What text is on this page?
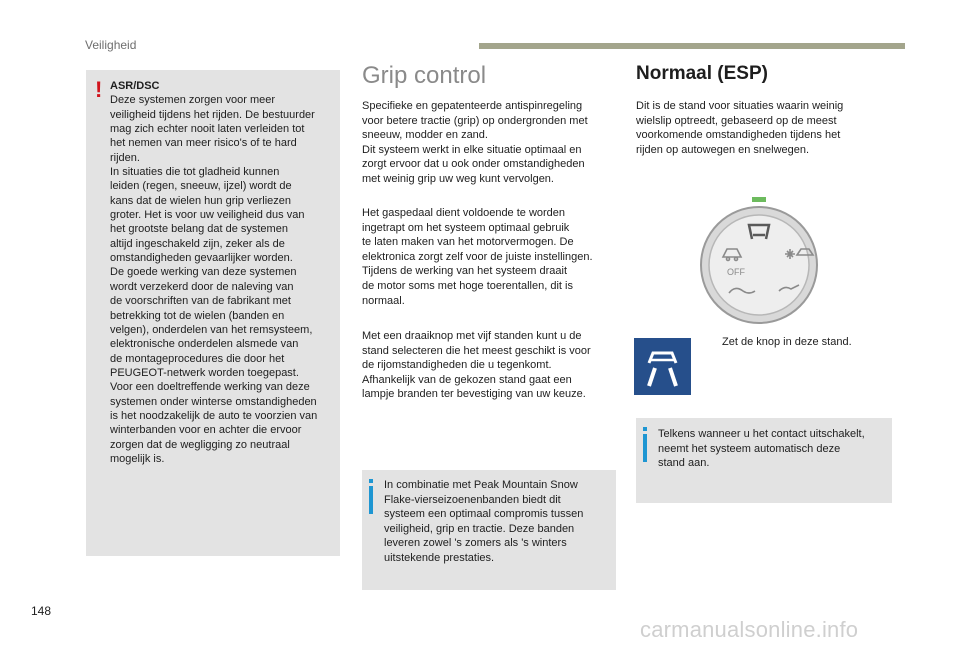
Veiligheid
! ASR/DSC

Deze systemen zorgen voor meer
veiligheid tijdens het rijden. De bestuurder
mag zich echter nooit laten verleiden tot
het nemen van meer risico's of te hard
rijden.
In situaties die tot gladheid kunnen
leiden (regen, sneeuw, ijzel) wordt de
kans dat de wielen hun grip verliezen
groter. Het is voor uw veiligheid dus van
het grootste belang dat de systemen
altijd ingeschakeld zijn, zeker als de
omstandigheden gevaarlijker worden.
De goede werking van deze systemen
wordt verzekerd door de naleving van
de voorschriften van de fabrikant met
betrekking tot de wielen (banden en
velgen), onderdelen van het remsysteem,
elektronische onderdelen alsmede van
de montageprocedures die door het
PEUGEOT-netwerk worden toegepast.
Voor een doeltreffende werking van deze
systemen onder winterse omstandigheden
is het noodzakelijk de auto te voorzien van
winterbanden voor en achter die ervoor
zorgen dat de wegligging zo neutraal
mogelijk is.

Grip control

Specifieke en gepatenteerde antispinregeling
voor betere tractie (grip) op ondergronden met
sneeuw, modder en zand.
Dit systeem werkt in elke situatie optimaal en
zorgt ervoor dat u ook onder omstandigheden
met weinig grip uw weg kunt vervolgen.

Het gaspedaal dient voldoende te worden
ingetrapt om het systeem optimaal gebruik
te laten maken van het motorvermogen. De
elektronica zorgt zelf voor de juiste instellingen.
Tijdens de werking van het systeem draait
de motor soms met hoge toerentallen, dit is
normaal.

Met een draaiknop met vijf standen kunt u de
stand selecteren die het meest geschikt is voor
de rijomstandigheden die u tegenkomt.
Afhankelijk van de gekozen stand gaat een
lampje branden ter bevestiging van uw keuze.

In combinatie met Peak Mountain Snow
Flake-vierseizoenenbanden biedt dit
systeem een optimaal compromis tussen
veiligheid, grip en tractie. Deze banden
leveren zowel 's zomers als 's winters
uitstekende prestaties.

Normaal (ESP)

Dit is de stand voor situaties waarin weinig
wielslip optreedt, gebaseerd op de meest
voorkomende omstandigheden tijdens het
rijden op autowegen en snelwegen.

OFF
Zet de knop in deze stand.

Telkens wanneer u het contact uitschakelt,
neemt het systeem automatisch deze
stand aan.

148
carmanualsonline.info
